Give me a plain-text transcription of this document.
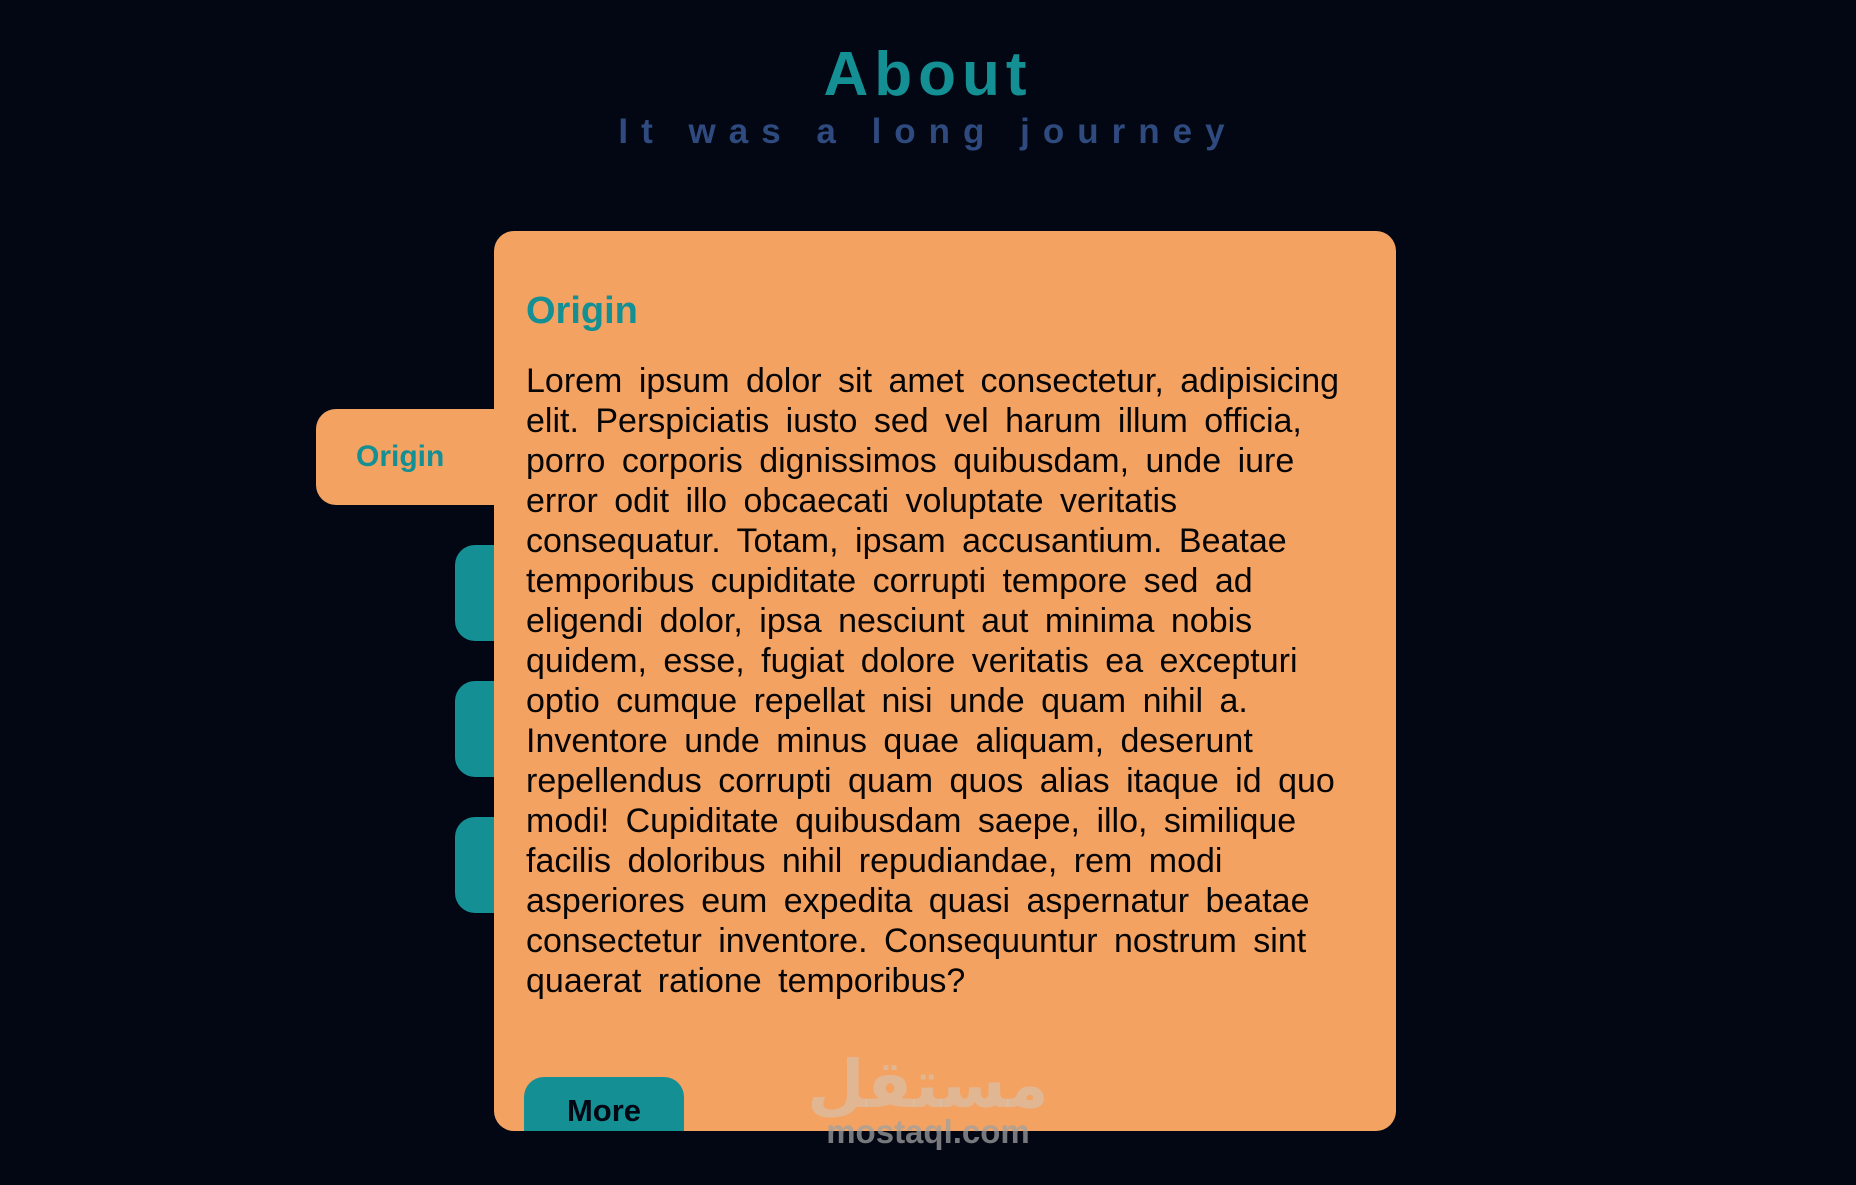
About
It was a long journey
Origin
Origin

Lorem ipsum dolor sit amet consectetur, adipisicing elit. Perspiciatis iusto sed vel harum illum officia, porro corporis dignissimos quibusdam, unde iure error odit illo obcaecati voluptate veritatis consequatur. Totam, ipsam accusantium. Beatae temporibus cupiditate corrupti tempore sed ad eligendi dolor, ipsa nesciunt aut minima nobis quidem, esse, fugiat dolore veritatis ea excepturi optio cumque repellat nisi unde quam nihil a. Inventore unde minus quae aliquam, deserunt repellendus corrupti quam quos alias itaque id quo modi! Cupiditate quibusdam saepe, illo, similique facilis doloribus nihil repudiandae, rem modi asperiores eum expedita quasi aspernatur beatae consectetur inventore. Consequuntur nostrum sint quaerat ratione temporibus?

More	مستقل
mostaql.com
